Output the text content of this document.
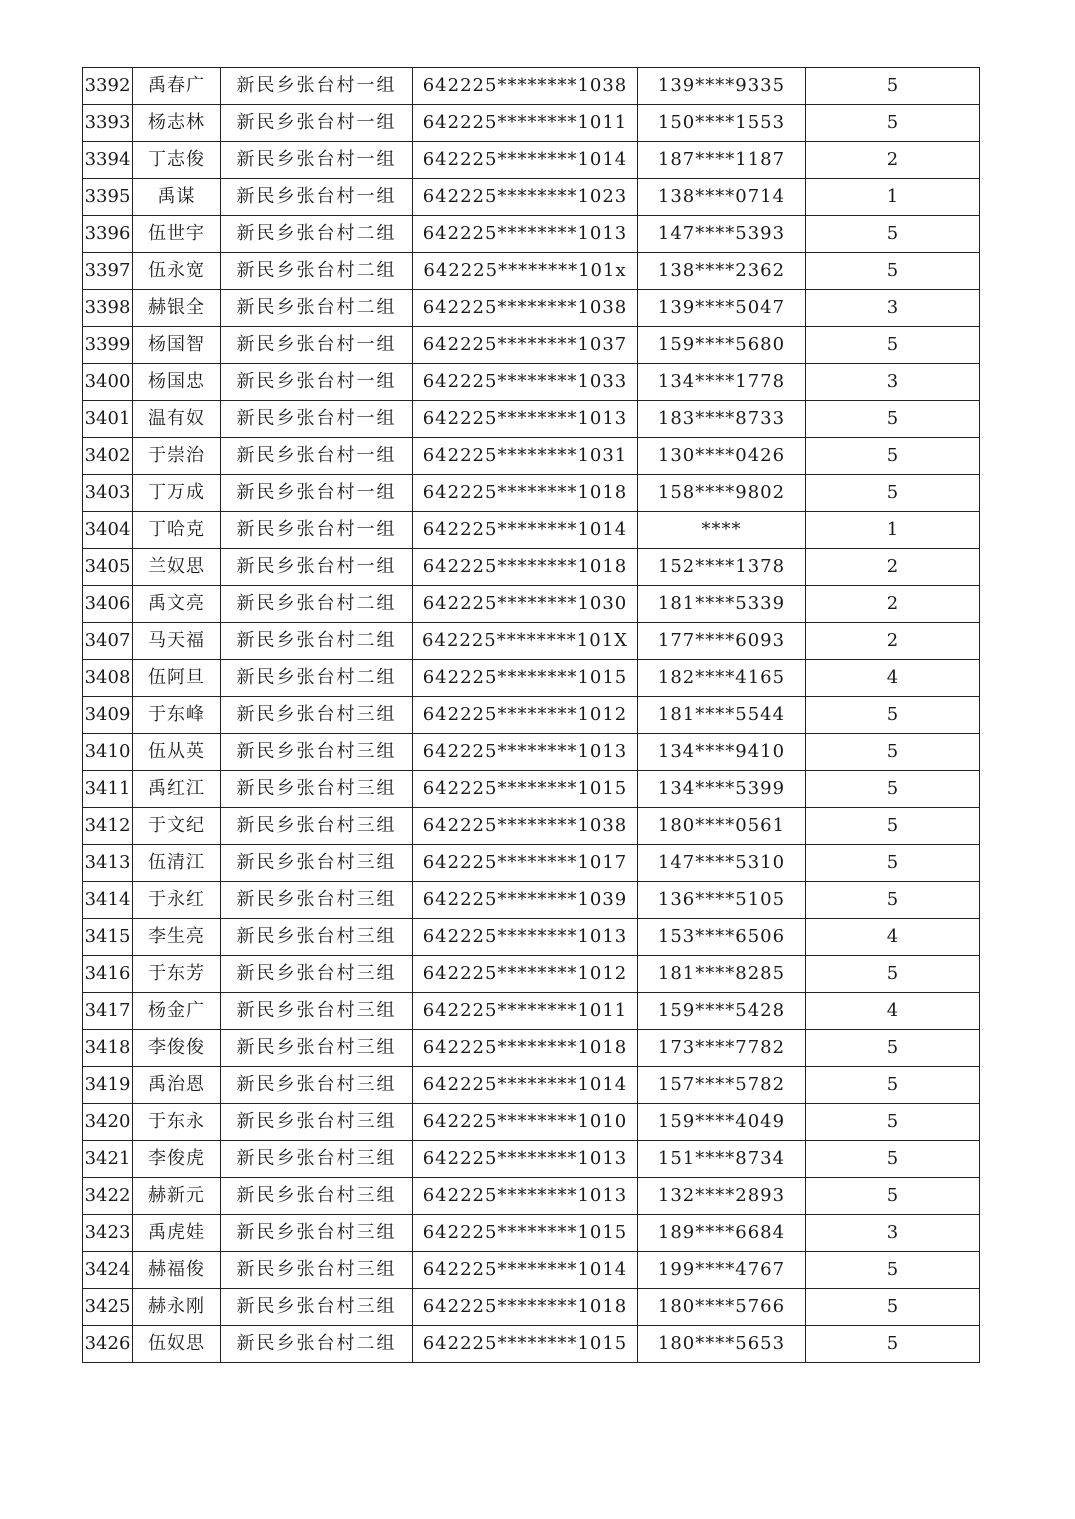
3392	禹春广	新民乡张台村一组	642225********1038	139****9335	5
3393	杨志林	新民乡张台村一组	642225********1011	150****1553	5
3394	丁志俊	新民乡张台村一组	642225********1014	187****1187	2
3395	禹谋	新民乡张台村一组	642225********1023	138****0714	1
3396	伍世宇	新民乡张台村二组	642225********1013	147****5393	5
3397	伍永宽	新民乡张台村二组	642225********101x	138****2362	5
3398	赫银全	新民乡张台村二组	642225********1038	139****5047	3
3399	杨国智	新民乡张台村一组	642225********1037	159****5680	5
3400	杨国忠	新民乡张台村一组	642225********1033	134****1778	3
3401	温有奴	新民乡张台村一组	642225********1013	183****8733	5
3402	于崇治	新民乡张台村一组	642225********1031	130****0426	5
3403	丁万成	新民乡张台村一组	642225********1018	158****9802	5
3404	丁哈克	新民乡张台村一组	642225********1014	****	1
3405	兰奴思	新民乡张台村一组	642225********1018	152****1378	2
3406	禹文亮	新民乡张台村二组	642225********1030	181****5339	2
3407	马天福	新民乡张台村二组	642225********101X	177****6093	2
3408	伍阿旦	新民乡张台村二组	642225********1015	182****4165	4
3409	于东峰	新民乡张台村三组	642225********1012	181****5544	5
3410	伍从英	新民乡张台村三组	642225********1013	134****9410	5
3411	禹红江	新民乡张台村三组	642225********1015	134****5399	5
3412	于文纪	新民乡张台村三组	642225********1038	180****0561	5
3413	伍清江	新民乡张台村三组	642225********1017	147****5310	5
3414	于永红	新民乡张台村三组	642225********1039	136****5105	5
3415	李生亮	新民乡张台村三组	642225********1013	153****6506	4
3416	于东芳	新民乡张台村三组	642225********1012	181****8285	5
3417	杨金广	新民乡张台村三组	642225********1011	159****5428	4
3418	李俊俊	新民乡张台村三组	642225********1018	173****7782	5
3419	禹治恩	新民乡张台村三组	642225********1014	157****5782	5
3420	于东永	新民乡张台村三组	642225********1010	159****4049	5
3421	李俊虎	新民乡张台村三组	642225********1013	151****8734	5
3422	赫新元	新民乡张台村三组	642225********1013	132****2893	5
3423	禹虎娃	新民乡张台村三组	642225********1015	189****6684	3
3424	赫福俊	新民乡张台村三组	642225********1014	199****4767	5
3425	赫永刚	新民乡张台村三组	642225********1018	180****5766	5
3426	伍奴思	新民乡张台村二组	642225********1015	180****5653	5
